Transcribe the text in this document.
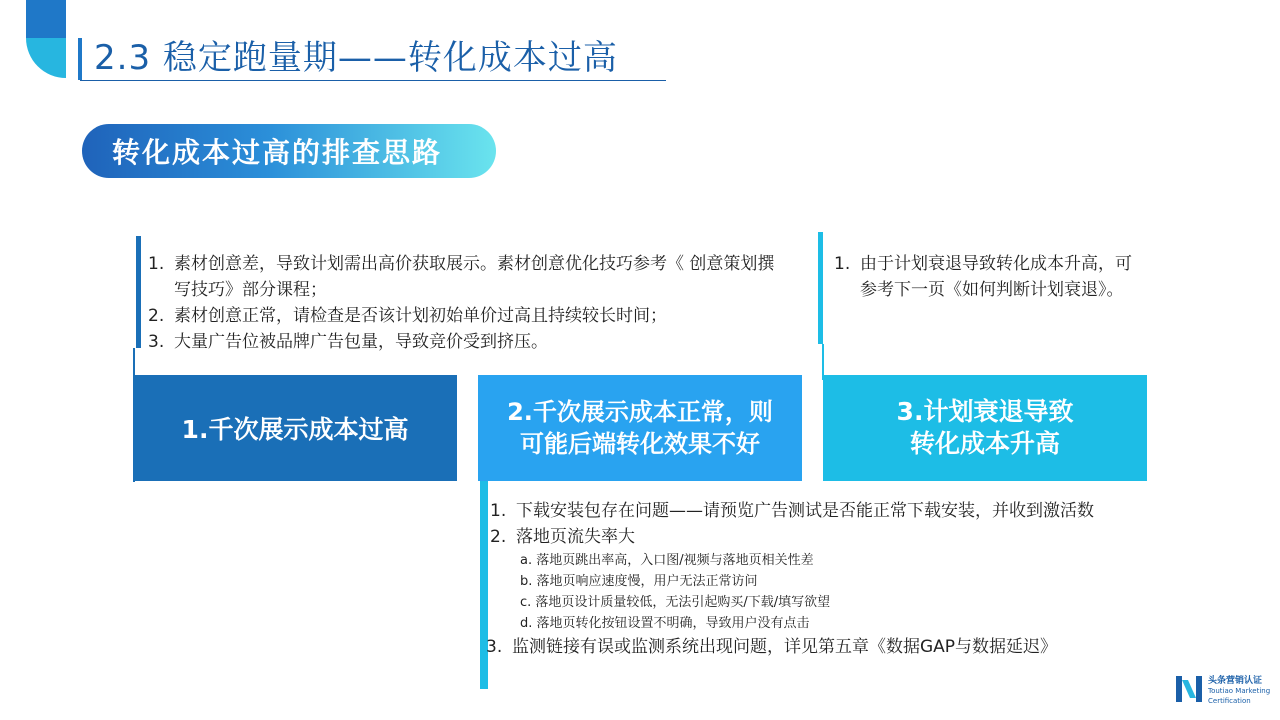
2.3 稳定跑量期——转化成本过高
转化成本过高的排查思路
1. 素材创意差，导致计划需出高价获取展示。素材创意优化技巧参考《 创意策划撰写技巧》部分课程；
2. 素材创意正常，请检查是否该计划初始单价过高且持续较长时间；
3. 大量广告位被品牌广告包量，导致竞价受到挤压。
1. 由于计划衰退导致转化成本升高，可参考下一页《如何判断计划衰退》。
1.千次展示成本过高
2.千次展示成本正常，则
可能后端转化效果不好
3.计划衰退导致
转化成本升高
1. 下载安装包存在问题——请预览广告测试是否能正常下载安装，并收到激活数
2. 落地页流失率大
a. 落地页跳出率高，入口图/视频与落地页相关性差
b. 落地页响应速度慢，用户无法正常访问
c. 落地页设计质量较低，无法引起购买/下载/填写欲望
d. 落地页转化按钮设置不明确，导致用户没有点击
3. 监测链接有误或监测系统出现问题，详见第五章《数据GAP与数据延迟》
头条营销认证
Toutiao Marketing
Certification
